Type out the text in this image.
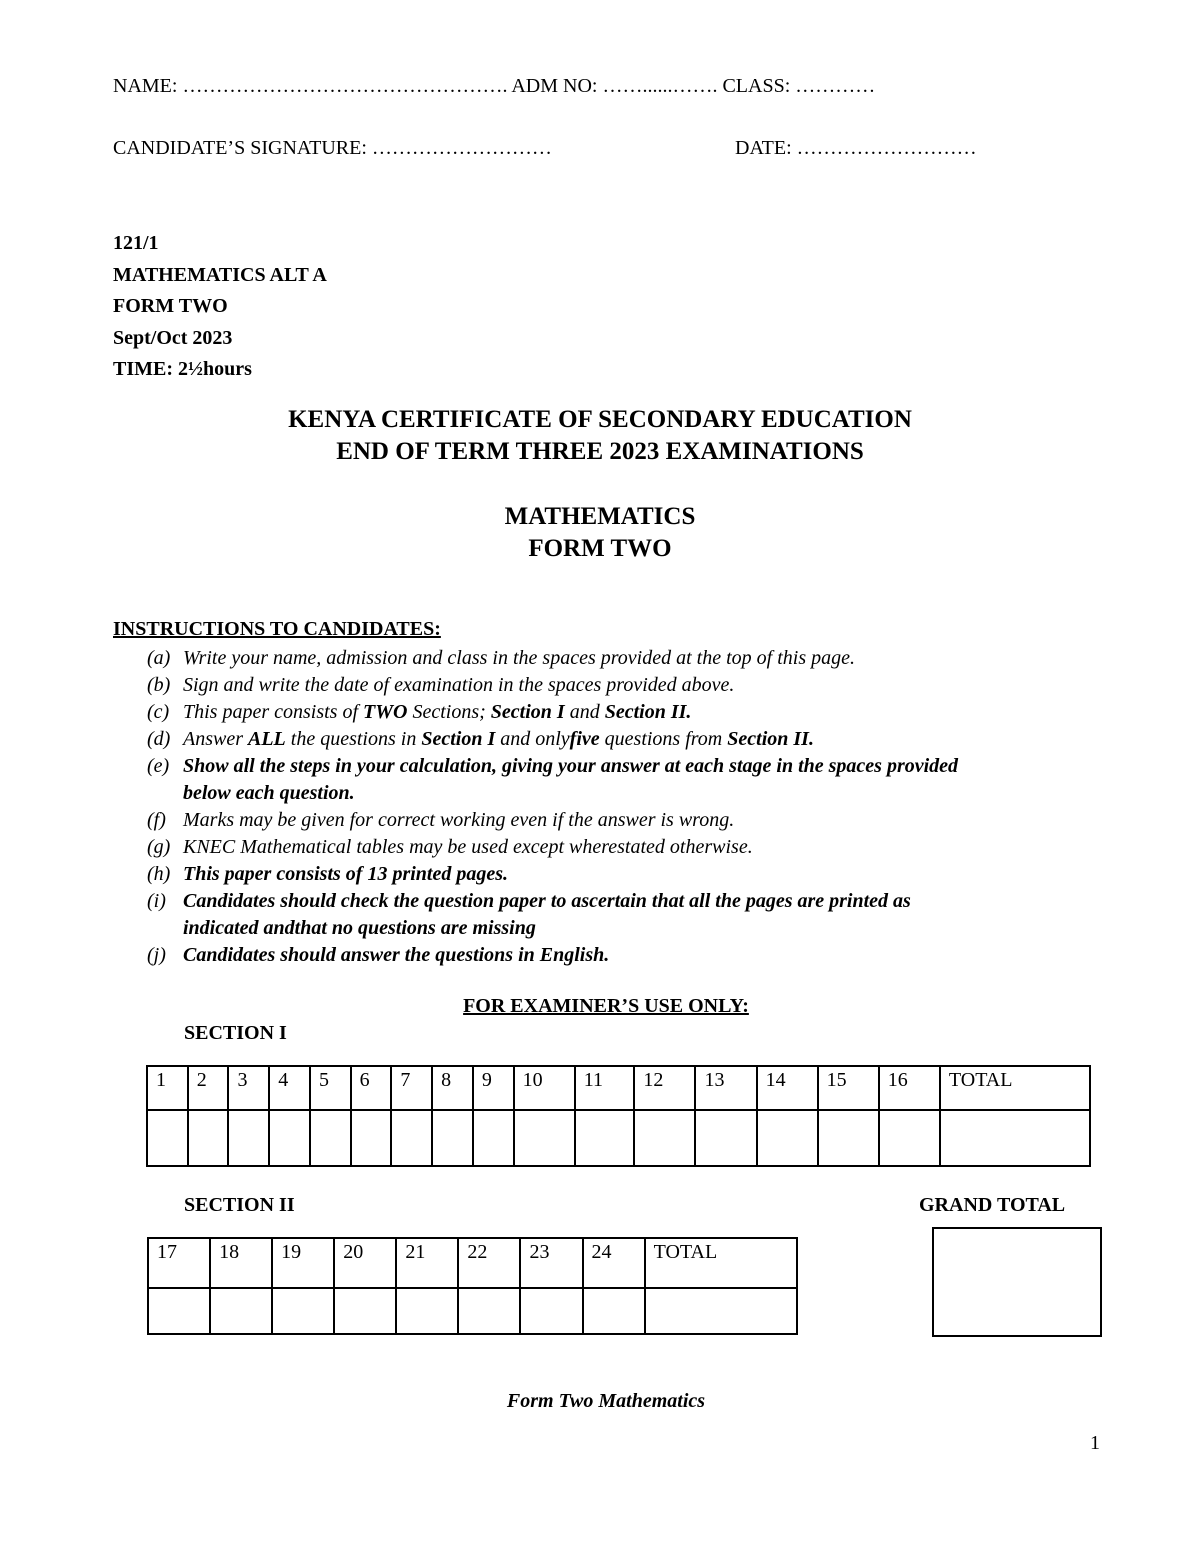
NAME: …………………………………………. ADM NO: ……......……. CLASS: …………
CANDIDATE’S SIGNATURE: ………………………	DATE: ………………………
121/1
MATHEMATICS ALT A
FORM TWO
Sept/Oct 2023
TIME: 2½hours
KENYA CERTIFICATE OF SECONDARY EDUCATION
END OF TERM THREE 2023 EXAMINATIONS
MATHEMATICS
FORM TWO
INSTRUCTIONS TO CANDIDATES:
(a) Write your name, admission and class in the spaces provided at the top of this page.
(b) Sign and write the date of examination in the spaces provided above.
(c) This paper consists of TWO Sections; Section I and Section II.
(d) Answer ALL the questions in Section I and onlyfive questions from Section II.
(e) Show all the steps in your calculation, giving your answer at each stage in the spaces provided
below each question.
(f) Marks may be given for correct working even if the answer is wrong.
(g) KNEC Mathematical tables may be used except wherestated otherwise.
(h) This paper consists of 13 printed pages.
(i) Candidates should check the question paper to ascertain that all the pages are printed as
indicated andthat no questions are missing
(j) Candidates should answer the questions in English.
FOR EXAMINER’S USE ONLY:
SECTION I
1	2	3	4	5	6	7	8	9	10	11	12	13	14	15	16	TOTAL

SECTION II	GRAND TOTAL
17	18	19	20	21	22	23	24	TOTAL

Form Two Mathematics
1
